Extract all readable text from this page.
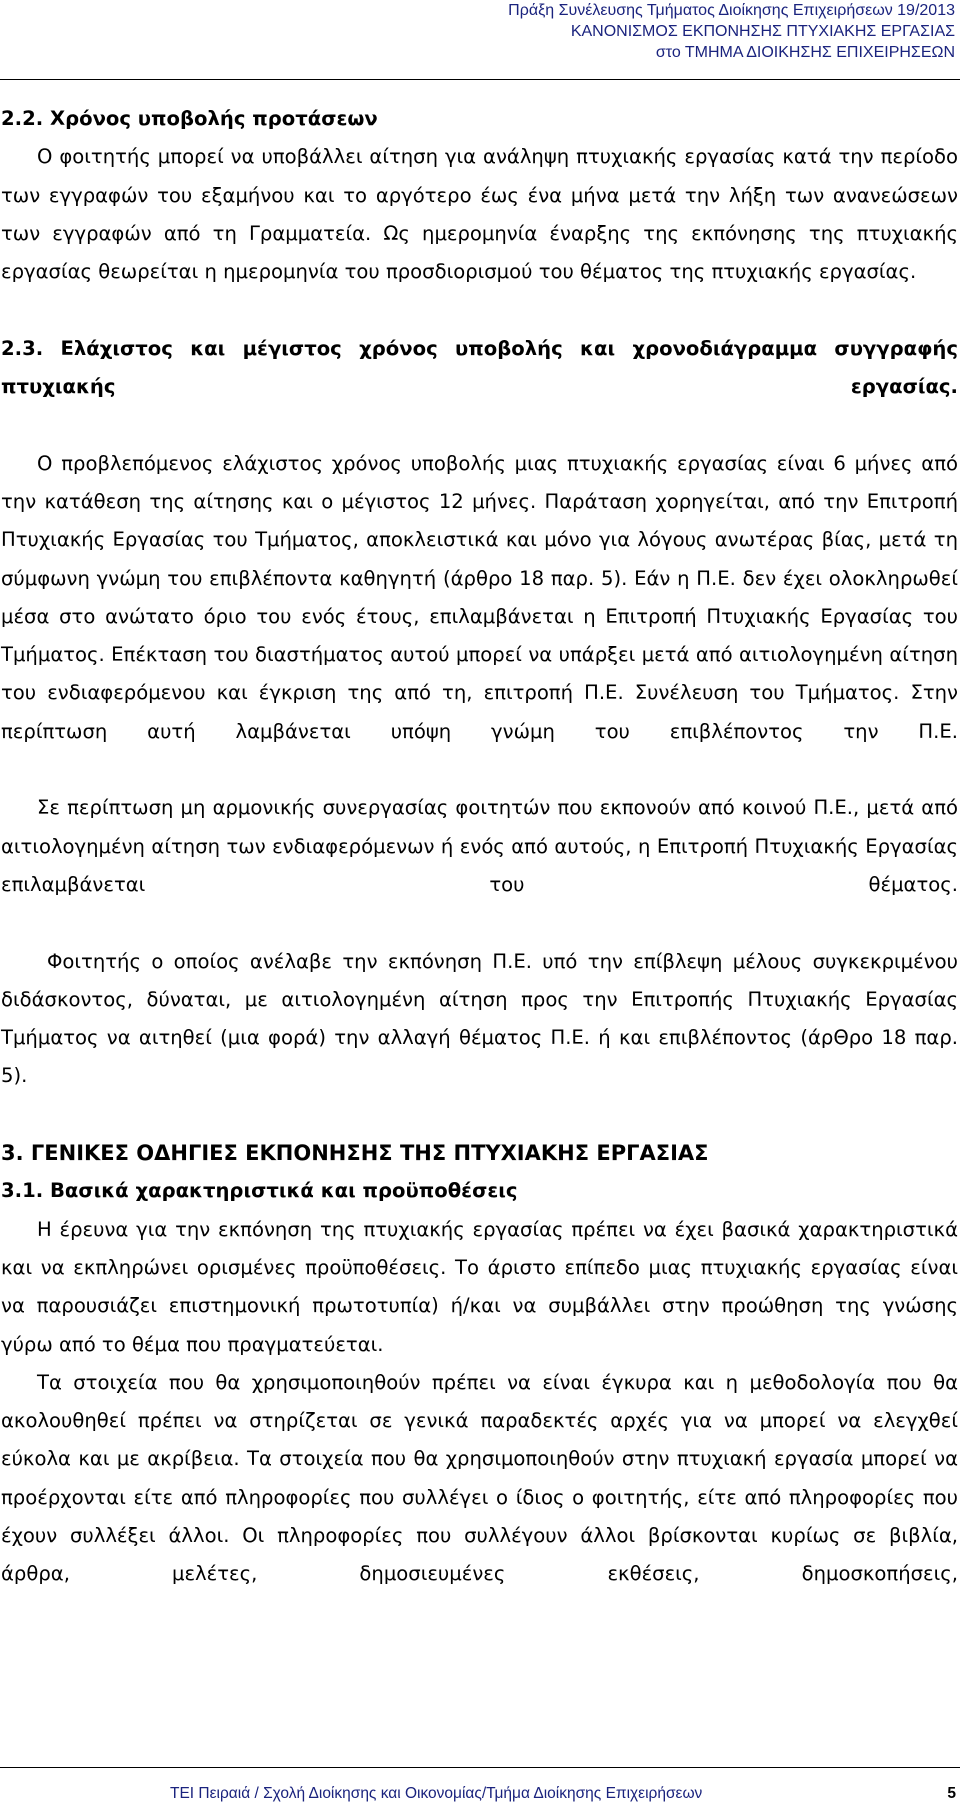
Πράξη Συνέλευσης Τμήματος Διοίκησης Επιχειρήσεων 19/2013
ΚΑΝΟΝΙΣΜΟΣ ΕΚΠΟΝΗΣΗΣ ΠΤΥΧΙΑΚΗΣ ΕΡΓΑΣΙΑΣ
στο ΤΜΗΜΑ ΔΙΟΙΚΗΣΗΣ ΕΠΙΧΕΙΡΗΣΕΩΝ

2.2. Χρόνος υποβολής προτάσεων

Ο φοιτητής μπορεί να υποβάλλει αίτηση για ανάληψη πτυχιακής εργασίας κατά την περίοδο των εγγραφών του εξαμήνου και το αργότερο έως ένα μήνα μετά την λήξη των ανανεώσεων των εγγραφών από τη Γραμματεία. Ως ημερομηνία έναρξης της εκπόνησης της πτυχιακής εργασίας θεωρείται η ημερομηνία του προσδιορισμού του θέματος της πτυχιακής εργασίας.

2.3. Ελάχιστος και μέγιστος χρόνος υποβολής και χρονοδιάγραμμα συγγραφής πτυχιακής εργασίας.

Ο προβλεπόμενος ελάχιστος χρόνος υποβολής μιας πτυχιακής εργασίας είναι 6 μήνες από την κατάθεση της αίτησης και ο μέγιστος 12 μήνες. Παράταση χορηγείται, από την Επιτροπή Πτυχιακής Εργασίας του Τμήματος, αποκλειστικά και μόνο για λόγους ανωτέρας βίας, μετά τη σύμφωνη γνώμη του επιβλέποντα καθηγητή (άρθρο 18 παρ. 5). Εάν η Π.Ε. δεν έχει ολοκληρωθεί μέσα στο ανώτατο όριο του ενός έτους, επιλαμβάνεται η Επιτροπή Πτυχιακής Εργασίας του Τμήματος. Επέκταση του διαστήματος αυτού μπορεί να υπάρξει μετά από αιτιολογημένη αίτηση του ενδιαφερόμενου και έγκριση της από τη, επιτροπή Π.Ε. Συνέλευση του Τμήματος. Στην περίπτωση αυτή λαμβάνεται υπόψη γνώμη του επιβλέποντος την Π.Ε.

Σε περίπτωση μη αρμονικής συνεργασίας φοιτητών που εκπονούν από κοινού Π.Ε., μετά από αιτιολογημένη αίτηση των ενδιαφερόμενων ή ενός από αυτούς, η Επιτροπή Πτυχιακής Εργασίας επιλαμβάνεται του θέματος.

Φοιτητής ο οποίος ανέλαβε την εκπόνηση Π.Ε. υπό την επίβλεψη μέλους συγκεκριμένου διδάσκοντος, δύναται, με αιτιολογημένη αίτηση προς την Επιτροπής Πτυχιακής Εργασίας Τμήματος να αιτηθεί (μια φορά) την αλλαγή θέματος Π.Ε. ή και επιβλέποντος (άρΘρο 18 παρ. 5).

3. ΓΕΝΙΚΕΣ ΟΔΗΓΙΕΣ ΕΚΠΟΝΗΣΗΣ ΤΗΣ ΠΤΥΧΙΑΚΗΣ ΕΡΓΑΣΙΑΣ

3.1. Βασικά χαρακτηριστικά και προϋποθέσεις

Η έρευνα για την εκπόνηση της πτυχιακής εργασίας πρέπει να έχει βασικά χαρακτηριστικά και να εκπληρώνει ορισμένες προϋποθέσεις. Το άριστο επίπεδο μιας πτυχιακής εργασίας είναι να παρουσιάζει επιστημονική πρωτοτυπία) ή/και να συμβάλλει στην προώθηση της γνώσης γύρω από το θέμα που πραγματεύεται.

Τα στοιχεία που θα χρησιμοποιηθούν πρέπει να είναι έγκυρα και η μεθοδολογία που θα ακολουθηθεί πρέπει να στηρίζεται σε γενικά παραδεκτές αρχές για να μπορεί να ελεγχθεί εύκολα και με ακρίβεια. Τα στοιχεία που θα χρησιμοποιηθούν στην πτυχιακή εργασία μπορεί να προέρχονται είτε από πληροφορίες που συλλέγει ο ίδιος ο φοιτητής, είτε από πληροφορίες που έχουν συλλέξει άλλοι. Οι πληροφορίες που συλλέγουν άλλοι βρίσκονται κυρίως σε βιβλία, άρθρα, μελέτες, δημοσιευμένες εκθέσεις, δημοσκοπήσεις,

ΤΕΙ Πειραιά / Σχολή Διοίκησης και Οικονομίας/Τμήμα Διοίκησης Επιχειρήσεων	5
